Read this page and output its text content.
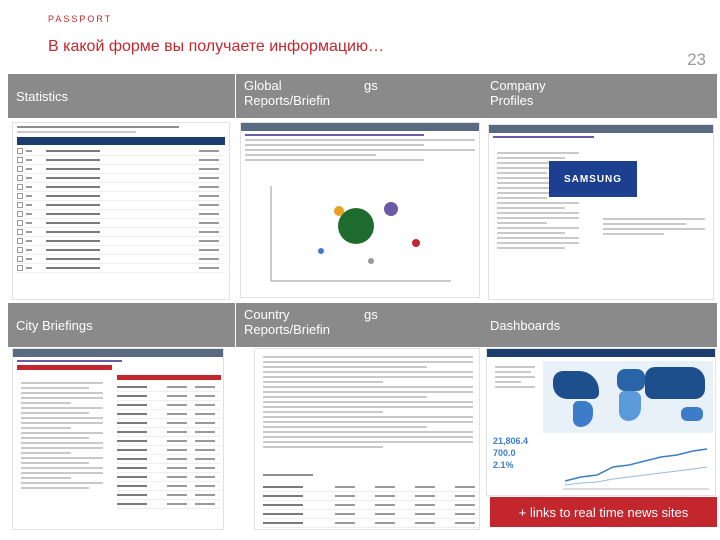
PASSPORT
В какой форме вы получаете информацию…
23
Statistics
Global
Reports/Briefin
gs	Company
Profiles
SAMSUNG
City Briefings
Country
Reports/Briefin
gs
Dashboards
21,806.4
700.0
2.1%
+ links to real time news sites
